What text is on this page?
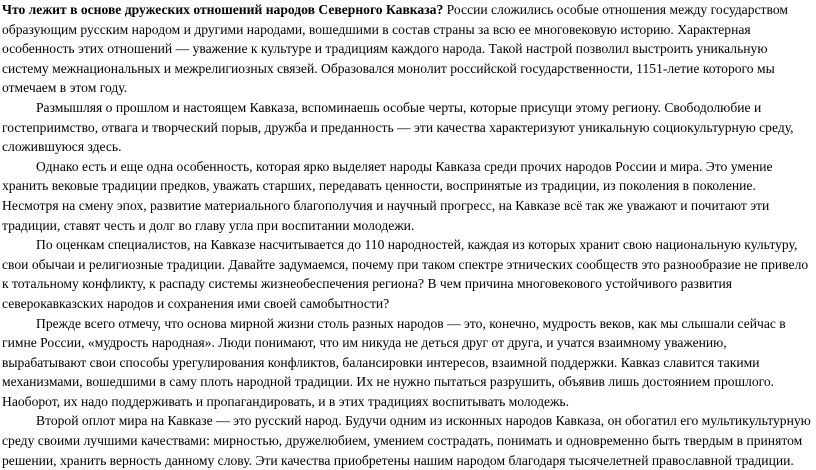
Что лежит в основе дружеских отношений народов Северного Кавказа? России сложились особые отношения между государством образующим русским народом и другими народами, вошедшими в состав страны за всю ее многовековую историю. Характерная особенность этих отношений — уважение к культуре и традициям каждого народа. Такой настрой позволил выстроить уникальную систему межнациональных и межрелигиозных связей. Образовался монолит российской государственности, 1151-летие которого мы отмечаем в этом году.

Размышляя о прошлом и настоящем Кавказа, вспоминаешь особые черты, которые присущи этому региону. Свободолюбие и гостеприимство, отвага и творческий порыв, дружба и преданность — эти качества характеризуют уникальную социокультурную среду, сложившуюся здесь.

Однако есть и еще одна особенность, которая ярко выделяет народы Кавказа среди прочих народов России и мира. Это умение хранить вековые традиции предков, уважать старших, передавать ценности, воспринятые из традиции, из поколения в поколение. Несмотря на смену эпох, развитие материального благополучия и научный прогресс, на Кавказе всё так же уважают и почитают эти традиции, ставят честь и долг во главу угла при воспитании молодежи.

По оценкам специалистов, на Кавказе насчитывается до 110 народностей, каждая из которых хранит свою национальную культуру, свои обычаи и религиозные традиции. Давайте задумаемся, почему при таком спектре этнических сообществ это разнообразие не привело к тотальному конфликту, к распаду системы жизнеобеспечения региона? В чем причина многовекового устойчивого развития северокавказских народов и сохранения ими своей самобытности?

Прежде всего отмечу, что основа мирной жизни столь разных народов — это, конечно, мудрость веков, как мы слышали сейчас в гимне России, «мудрость народная». Люди понимают, что им никуда не деться друг от друга, и учатся взаимному уважению, вырабатывают свои способы урегулирования конфликтов, балансировки интересов, взаимной поддержки. Кавказ славится такими механизмами, вошедшими в саму плоть народной традиции. Их не нужно пытаться разрушить, объявив лишь достоянием прошлого. Наоборот, их надо поддерживать и пропагандировать, и в этих традициях воспитывать молодежь.

Второй оплот мира на Кавказе — это русский народ. Будучи одним из исконных народов Кавказа, он обогатил его мультикультурную среду своими лучшими качествами: мирностью, дружелюбием, умением сострадать, понимать и одновременно быть твердым в принятом решении, хранить верность данному слову. Эти качества приобретены нашим народом благодаря тысячелетней православной традиции.
